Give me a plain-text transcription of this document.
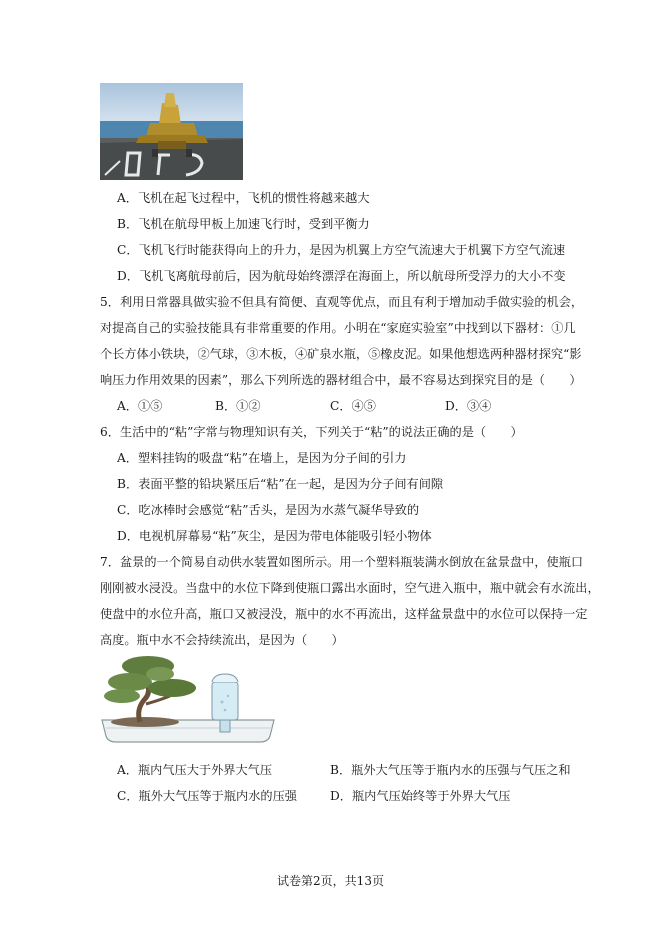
A．飞机在起飞过程中，飞机的惯性将越来越大
B．飞机在航母甲板上加速飞行时，受到平衡力
C．飞机飞行时能获得向上的升力，是因为机翼上方空气流速大于机翼下方空气流速
D．飞机飞离航母前后，因为航母始终漂浮在海面上，所以航母所受浮力的大小不变
5．利用日常器具做实验不但具有简便、直观等优点，而且有利于增加动手做实验的机会，
对提高自己的实验技能具有非常重要的作用。小明在“家庭实验室”中找到以下器材：①几
个长方体小铁块，②气球，③木板，④矿泉水瓶，⑤橡皮泥。如果他想选两种器材探究“影
响压力作用效果的因素”，那么下列所选的器材组合中，最不容易达到探究目的是（　　）
A．①⑤	B．①②	C．④⑤	D．③④
6．生活中的“粘”字常与物理知识有关，下列关于“粘”的说法正确的是（　　）
A．塑料挂钩的吸盘“粘”在墙上，是因为分子间的引力
B．表面平整的铅块紧压后“粘”在一起，是因为分子间有间隙
C．吃冰棒时会感觉“粘”舌头，是因为水蒸气凝华导致的
D．电视机屏幕易“粘”灰尘，是因为带电体能吸引轻小物体
7．盆景的一个简易自动供水装置如图所示。用一个塑料瓶装满水倒放在盆景盘中，使瓶口
刚刚被水浸没。当盘中的水位下降到使瓶口露出水面时，空气进入瓶中，瓶中就会有水流出，
使盘中的水位升高，瓶口又被浸没，瓶中的水不再流出，这样盆景盘中的水位可以保持一定
高度。瓶中水不会持续流出，是因为（　　）
A．瓶内气压大于外界大气压	B．瓶外大气压等于瓶内水的压强与气压之和
C．瓶外大气压等于瓶内水的压强	D．瓶内气压始终等于外界大气压
试卷第2页，共13页
